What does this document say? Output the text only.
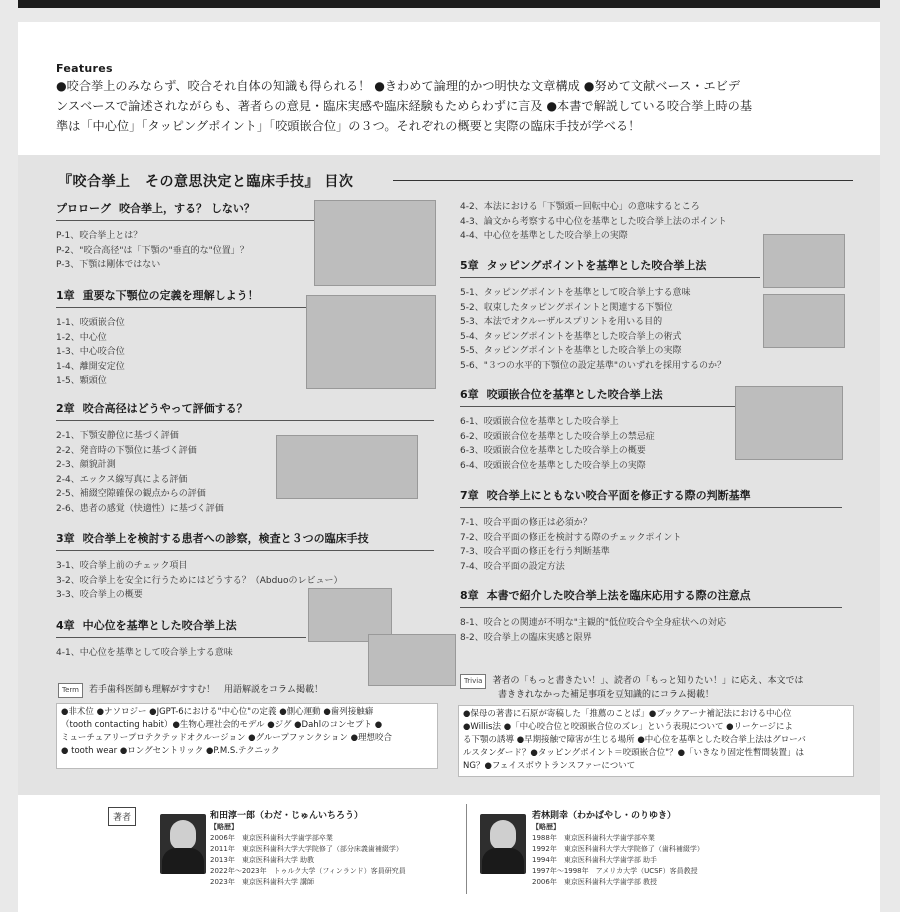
Features

●咬合挙上のみならず、咬合それ自体の知識も得られる！ ●きわめて論理的かつ明快な文章構成 ●努めて文献ベース・エビデ

ンスベースで論述されながらも、著者らの意見・臨床実感や臨床経験もためらわずに言及 ●本書で解説している咬合挙上時の基

準は「中心位」「タッピングポイント」「咬頭嵌合位」の３つ。それぞれの概要と実際の臨床手技が学べる！

『咬合挙上　その意思決定と臨床手技』 目次
プロローグ 咬合挙上，する？ しない？
P-1、咬合挙上とは？
P-2、"咬合高径"は「下顎の"垂直的な"位置」？
P-3、下顎は剛体ではない
1章 重要な下顎位の定義を理解しよう！
1-1、咬頭嵌合位
1-2、中心位
1-3、中心咬合位
1-4、離開安定位
1-5、顆頭位
2章 咬合高径はどうやって評価する？
2-1、下顎安静位に基づく評価
2-2、発音時の下顎位に基づく評価
2-3、顔貌計測
2-4、エックス線写真による評価
2-5、補綴空隙確保の観点からの評価
2-6、患者の感覚（快適性）に基づく評価
3章 咬合挙上を検討する患者への診察，検査と３つの臨床手技
3-1、咬合挙上前のチェック項目
3-2、咬合挙上を安全に行うためにはどうする？（Abduoのレビュー）
3-3、咬合挙上の概要
4章 中心位を基準とした咬合挙上法
4-1、中心位を基準として咬合挙上する意味
Term 若手歯科医師も理解がすすむ！　用語解説をコラム掲載！
●非术位 ●ナソロジー ●JGPT-6における"中心位"の定義 ●側心運動 ●歯列接触癖
（tooth contacting habit）●生物心理社会的モデル ●ジグ ●Dahlのコンセプト ●
ミューチュアリープロテクテッドオクルージョン ●グループファンクション ●理想咬合
● tooth wear ●ロングセントリック ●P.M.S.テクニック
4-2、本法における「下顎頭ー回転中心」の意味するところ
4-3、論文から考察する中心位を基準とした咬合挙上法のポイント
4-4、中心位を基準とした咬合挙上の実際
5章 タッピングポイントを基準とした咬合挙上法
5-1、タッピングポイントを基準として咬合挙上する意味
5-2、収束したタッピングポイントと関連する下顎位
5-3、本法でオクルーザルスプリントを用いる目的
5-4、タッピングポイントを基準とした咬合挙上の術式
5-5、タッピングポイントを基準とした咬合挙上の実際
5-6、"３つの水平的下顎位の設定基準"のいずれを採用するのか？
6章 咬頭嵌合位を基準とした咬合挙上法
6-1、咬頭嵌合位を基準とした咬合挙上
6-2、咬頭嵌合位を基準とした咬合挙上の禁忌症
6-3、咬頭嵌合位を基準とした咬合挙上の概要
6-4、咬頭嵌合位を基準とした咬合挙上の実際
7章 咬合挙上にともない咬合平面を修正する際の判断基準
7-1、咬合平面の修正は必須か？
7-2、咬合平面の修正を検討する際のチェックポイント
7-3、咬合平面の修正を行う判断基準
7-4、咬合平面の設定方法
8章 本書で紹介した咬合挙上法を臨床応用する際の注意点
8-1、咬合との関連が不明な"主観的"低位咬合や全身症状への対応
8-2、咬合挙上の臨床実感と限界
Trivia 著者の「もっと書きたい！」、読者の「もっと知りたい！」に応え、本文では
書ききれなかった補足事項を豆知識的にコラム掲載！
●保母の著書に石原が寄稿した「推薦のことば」●ブックアーナ補記法における中心位
●Willis法 ●「中心咬合位と咬頭嵌合位のズレ」という表現について ●リーケージによ
る下顎の誘導 ●早期接触で障害が生じる場所 ●中心位を基準とした咬合挙上法はグローバ
ルスタンダード？●タッピングポイント＝咬頭嵌合位"？●「いきなり固定性暫間装置」は
NG？●フェイスボウトランスファーについて
著者	和田淳一郎（わだ・じゅんいちろう）
【略歴】
2006年　東京医科歯科大学歯学部卒業
2011年　東京医科歯科大学大学院修了（部分床義歯補綴学）
2013年　東京医科歯科大学 助教
2022年～2023年　トゥルク大学（フィンランド）客員研究員
2023年　東京医科歯科大学 講師
若林則幸（わかばやし・のりゆき）
【略歴】
1988年　東京医科歯科大学歯学部卒業
1992年　東京医科歯科大学大学院修了（歯科補綴学）
1994年　東京医科歯科大学歯学部 助手
1997年～1998年　アメリカ大学（UCSF）客員教授
2006年　東京医科歯科大学歯学部 教授
